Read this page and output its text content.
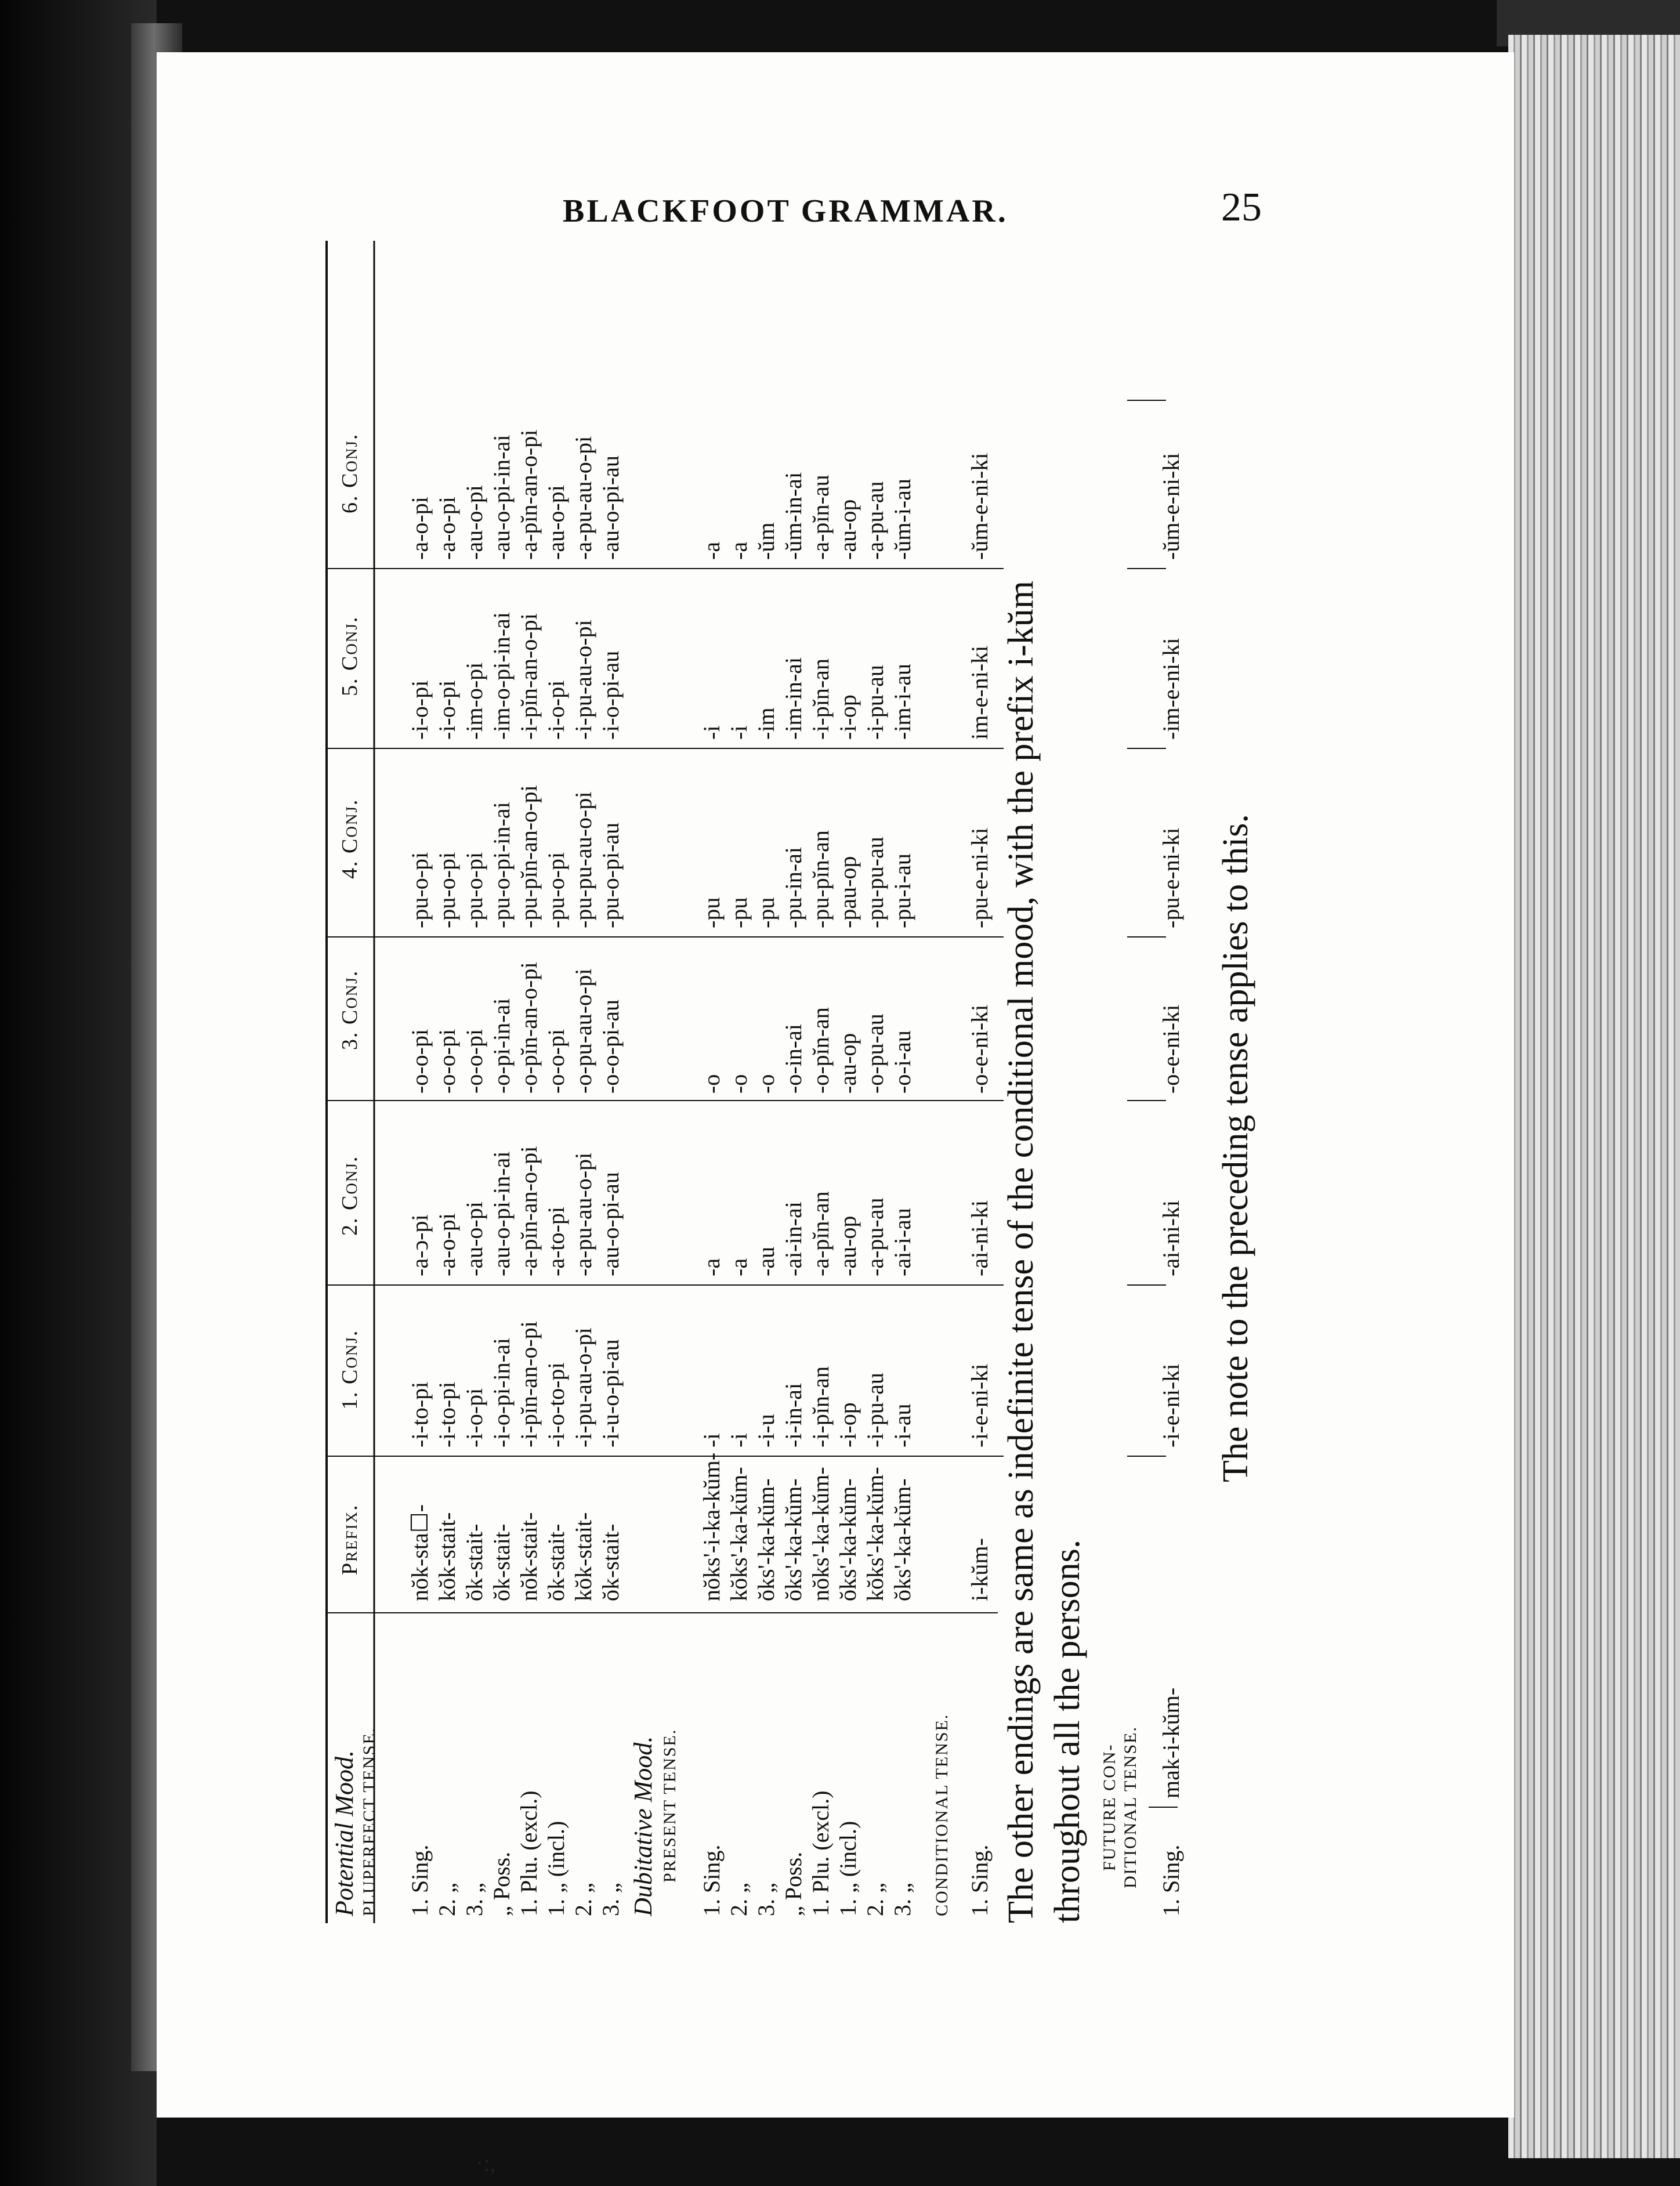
BLACKFOOT GRAMMAR.	25
Prefix.
1. Conj.
2. Conj.
3. Conj.
4. Conj.
5. Conj.
6. Conj.
Potential Mood. PLUPERFECT TENSE. 1. Sing. 2. „ 3. „ „ Poss. 1. Plu. (excl.) 1. „ (incl.) 2. „ 3. „
nŏk-sta☐- kŏk-stait- ŏk-stait- ŏk-stait- nŏk-stait- ŏk-stait- kŏk-stait- ŏk-stait-
-i-to-pi -i-to-pi -i-o-pi -i-o-pi-in-ai -i-pĭn-an-o-pi -i-o-to-pi -i-pu-au-o-pi -i-u-o-pi-au
-a-ↄ-pi -a-o-pi -au-o-pi -au-o-pi-in-ai -a-pĭn-an-o-pi -a-to-pi -a-pu-au-o-pi -au-o-pi-au
-o-o-pi -o-o-pi -o-o-pi -o-pi-in-ai -o-pĭn-an-o-pi -o-o-pi -o-pu-au-o-pi -o-o-pi-au
-pu-o-pi -pu-o-pi -pu-o-pi -pu-o-pi-in-ai -pu-pĭn-an-o-pi -pu-o-pi -pu-pu-au-o-pi -pu-o-pi-au
-i-o-pi -i-o-pi -im-o-pi -im-o-pi-in-ai -i-pĭn-an-o-pi -i-o-pi -i-pu-au-o-pi -i-o-pi-au
-a-o-pi -a-o-pi -au-o-pi -au-o-pi-in-ai -a-pĭn-an-o-pi -au-o-pi -a-pu-au-o-pi -au-o-pi-au
Dubitative Mood. PRESENT TENSE. 1. Sing. 2. „ 3. „ „ Poss. 1. Plu. (excl.) 1. „ (incl.) 2. „ 3. „
nŏks'-i-ka-kŭm- kŏks'-ka-kŭm- ŏks'-ka-kŭm- ŏks'-ka-kŭm- nŏks'-ka-kŭm- ŏks'-ka-kŭm- kŏks'-ka-kŭm- ŏks'-ka-kŭm-
-i -i -i-u -i-in-ai -i-pĭn-an -i-op -i-pu-au -i-au
-a -a -au -ai-in-ai -a-pĭn-an -au-op -a-pu-au -ai-i-au
-o -o -o -o-in-ai -o-pĭn-an -au-op -o-pu-au -o-i-au
-pu -pu -pu -pu-in-ai -pu-pĭn-an -pau-op -pu-pu-au -pu-i-au
-i -i -im -im-in-ai -i-pĭn-an -i-op -i-pu-au -im-i-au
-a -a -ŭm -ŭm-in-ai -a-pĭn-au -au-op -a-pu-au -ŭm-i-au
CONDITIONAL TENSE. 1. Sing.
i-kŭm-
-i-e-ni-ki
-ai-ni-ki
-o-e-ni-ki
-pu-e-ni-ki
im-e-ni-ki
-ŭm-e-ni-ki
The other endings are same as indefinite tense of the conditional mood, with the prefix i-kŭm throughout all the persons. FUTURE CON- DITIONAL TENSE. 1. Sing.
mak-i-kŭm-
-i-e-ni-ki
-ai-ni-ki
-o-e-ni-ki
-pu-e-ni-ki
-im-e-ni-ki
-ŭm-e-ni-ki
The note to the preceding tense applies to this.
·:,
